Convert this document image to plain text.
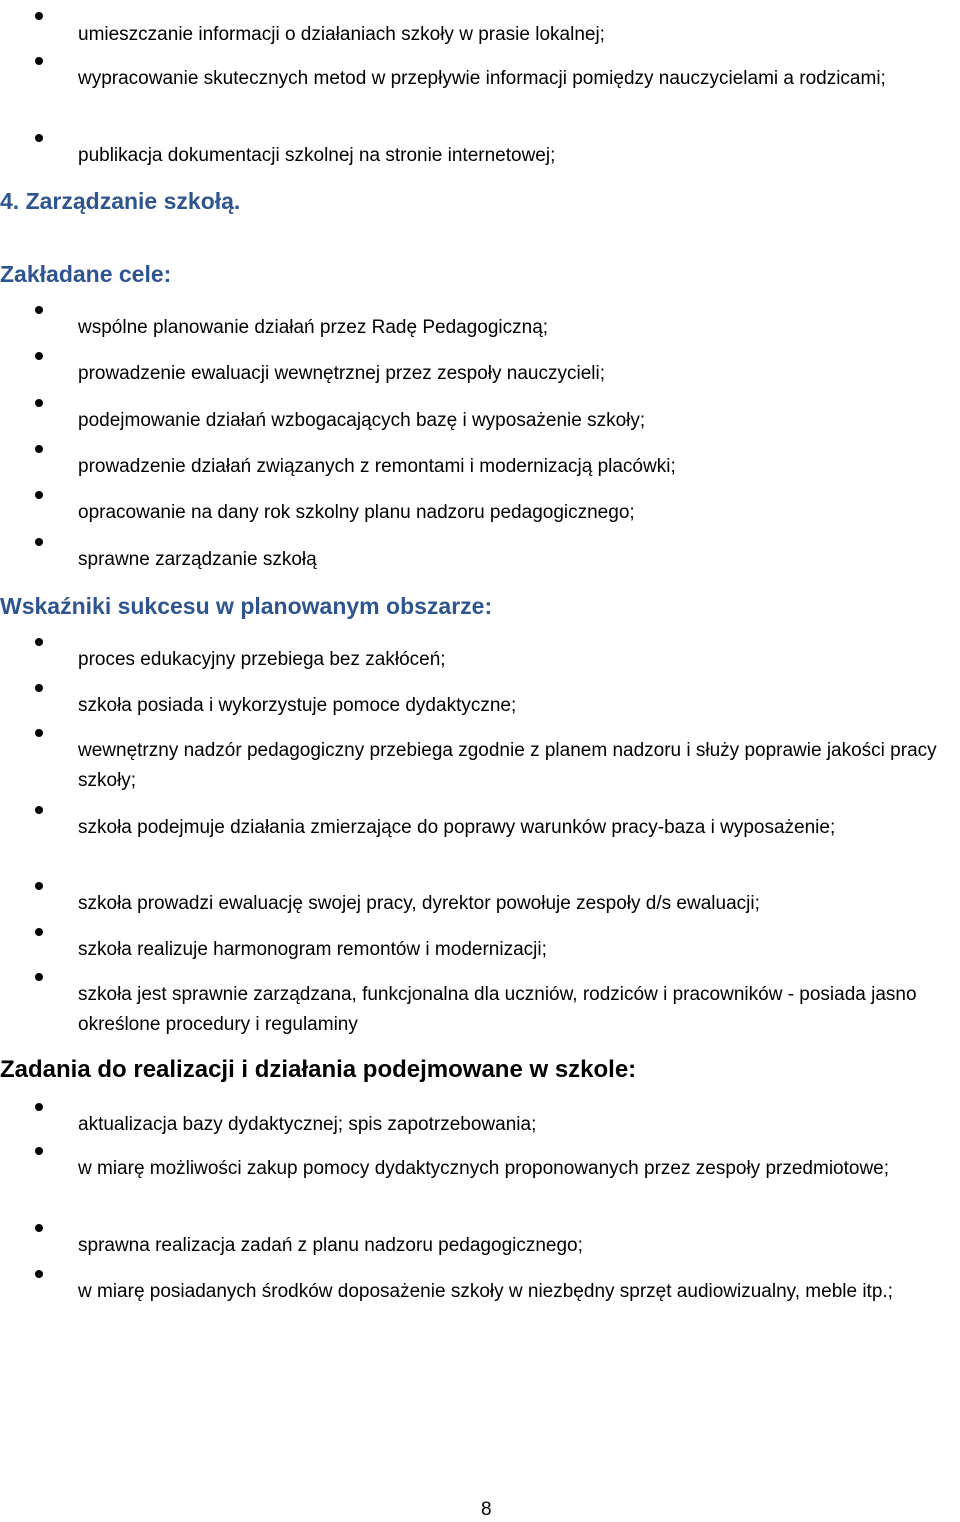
umieszczanie informacji o działaniach szkoły w prasie lokalnej;

wypracowanie skutecznych metod w przepływie informacji pomiędzy nauczycielami a rodzicami;

publikacja dokumentacji szkolnej na stronie internetowej;

4. Zarządzanie szkołą.
Zakładane cele:

wspólne planowanie działań przez Radę Pedagogiczną;

prowadzenie ewaluacji wewnętrznej przez zespoły nauczycieli;

podejmowanie działań wzbogacających bazę i wyposażenie szkoły;

prowadzenie działań związanych z remontami i modernizacją placówki;

opracowanie na dany rok szkolny planu nadzoru pedagogicznego;

sprawne zarządzanie szkołą

Wskaźniki sukcesu w planowanym obszarze:

proces edukacyjny przebiega bez zakłóceń;

szkoła posiada i wykorzystuje pomoce dydaktyczne;

wewnętrzny nadzór pedagogiczny przebiega zgodnie z planem nadzoru i służy poprawie jakości pracy szkoły;

szkoła podejmuje działania zmierzające do poprawy warunków pracy-baza i wyposażenie;

szkoła prowadzi ewaluację swojej pracy, dyrektor powołuje zespoły d/s ewaluacji;

szkoła realizuje harmonogram remontów i modernizacji;

szkoła jest sprawnie zarządzana, funkcjonalna dla uczniów, rodziców i pracowników - posiada jasno określone procedury i regulaminy

Zadania do realizacji i działania podejmowane w szkole:

aktualizacja bazy dydaktycznej; spis zapotrzebowania;

w miarę możliwości zakup pomocy dydaktycznych proponowanych przez zespoły przedmiotowe;

sprawna realizacja zadań z planu nadzoru pedagogicznego;

w miarę posiadanych środków doposażenie szkoły w niezbędny sprzęt audiowizualny, meble itp.;

8
